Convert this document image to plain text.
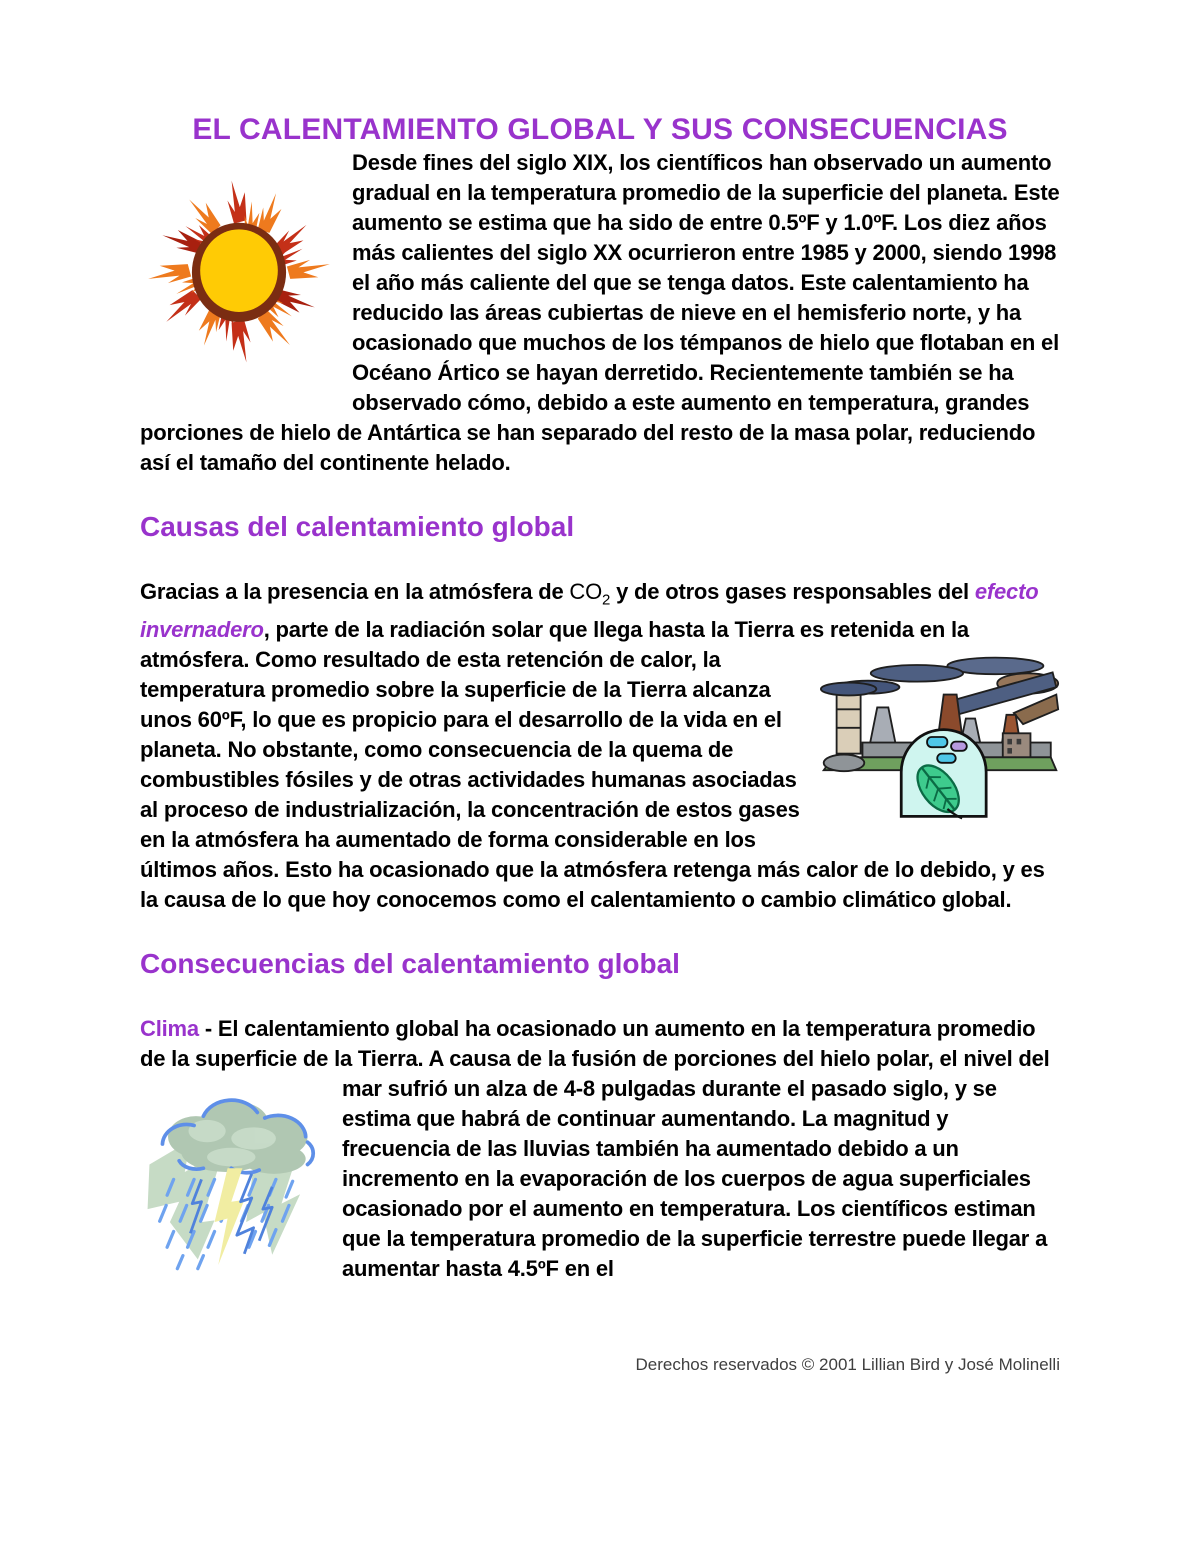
EL CALENTAMIENTO GLOBAL Y SUS CONSECUENCIAS

Desde fines del siglo XIX, los científicos han observado un aumento gradual en la temperatura promedio de la superficie del planeta. Este aumento se estima que ha sido de entre 0.5ºF y 1.0ºF. Los diez años más calientes del siglo XX ocurrieron entre 1985 y 2000, siendo 1998 el año más caliente del que se tenga datos. Este calentamiento ha reducido las áreas cubiertas de nieve en el hemisferio norte, y ha ocasionado que muchos de los témpanos de hielo que flotaban en el Océano Ártico se hayan derretido. Recientemente también se ha observado cómo, debido a este aumento en temperatura, grandes porciones de hielo de Antártica se han separado del resto de la masa polar, reduciendo así el tamaño del continente helado.

Causas del calentamiento global

Gracias a la presencia en la atmósfera de $CO_2$ y de otros gases responsables del efecto invernadero, parte de la radiación solar que llega hasta la Tierra es retenida en la atmósfera. Como resultado de esta retención de calor, la
temperatura promedio sobre la superficie de la Tierra alcanza unos 60ºF, lo que es propicio para el desarrollo de la vida en el planeta. No obstante, como consecuencia de la quema de combustibles fósiles y de otras actividades humanas asociadas al proceso de industrialización, la concentración de estos gases en la atmósfera ha aumentado de forma considerable en los últimos años. Esto ha ocasionado que la atmósfera retenga más calor de lo debido, y es la causa de lo que hoy conocemos como el calentamiento o cambio climático global.

Consecuencias del calentamiento global

Clima - El calentamiento global ha ocasionado un aumento en la temperatura promedio de la superficie de la Tierra. A causa de la fusión de porciones del hielo polar, el nivel del mar sufrió un alza de 4-8 pulgadas durante el pasado
siglo, y se estima que habrá de continuar aumentando. La magnitud y frecuencia de las lluvias también ha aumentado debido a un incremento en la evaporación de los cuerpos de agua superficiales ocasionado por el aumento en temperatura. Los científicos estiman que la temperatura promedio de la superficie terrestre puede llegar a aumentar hasta 4.5ºF en el

Derechos reservados © 2001 Lillian Bird y José Molinelli
